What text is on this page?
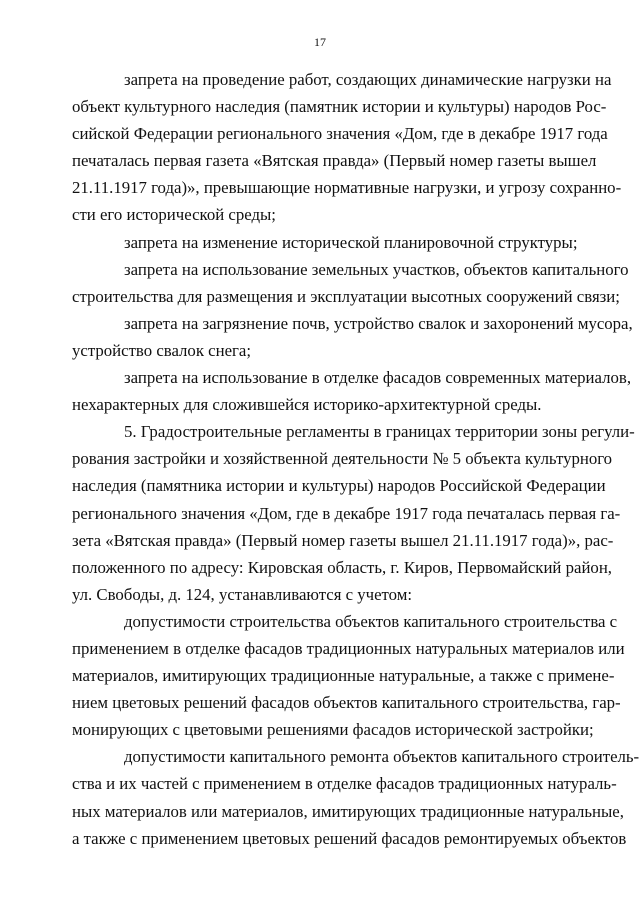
17
запрета на проведение работ, создающих динамические нагрузки на
объект культурного наследия (памятник истории и культуры) народов Рос-
сийской Федерации регионального значения «Дом, где в декабре 1917 года
печаталась первая газета «Вятская правда» (Первый номер газеты вышел
21.11.1917 года)», превышающие нормативные нагрузки, и угрозу сохранно-
сти его исторической среды;
запрета на изменение исторической планировочной структуры;
запрета на использование земельных участков, объектов капитального
строительства для размещения и эксплуатации высотных сооружений связи;
запрета на загрязнение почв, устройство свалок и захоронений мусора,
устройство свалок снега;
запрета на использование в отделке фасадов современных материалов,
нехарактерных для сложившейся историко-архитектурной среды.
5. Градостроительные регламенты в границах территории зоны регули-
рования застройки и хозяйственной деятельности № 5 объекта культурного
наследия (памятника истории и культуры) народов Российской Федерации
регионального значения «Дом, где в декабре 1917 года печаталась первая га-
зета «Вятская правда» (Первый номер газеты вышел 21.11.1917 года)», рас-
положенного по адресу: Кировская область, г. Киров, Первомайский район,
ул. Свободы, д. 124, устанавливаются с учетом:
допустимости строительства объектов капитального строительства с
применением в отделке фасадов традиционных натуральных материалов или
материалов, имитирующих традиционные натуральные, а также с примене-
нием цветовых решений фасадов объектов капитального строительства, гар-
монирующих с цветовыми решениями фасадов исторической застройки;
допустимости капитального ремонта объектов капитального строитель-
ства и их частей с применением в отделке фасадов традиционных натураль-
ных материалов или материалов, имитирующих традиционные натуральные,
а также с применением цветовых решений фасадов ремонтируемых объектов
